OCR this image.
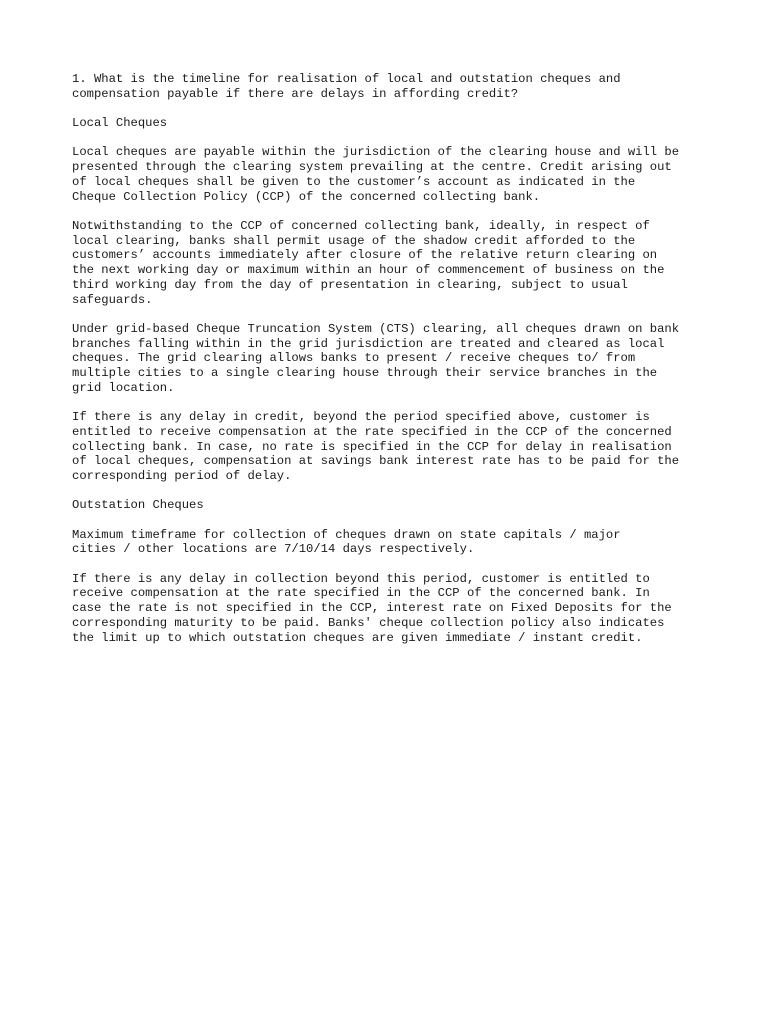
1. What is the timeline for realisation of local and outstation cheques and
compensation payable if there are delays in affording credit?

Local Cheques

Local cheques are payable within the jurisdiction of the clearing house and will be
presented through the clearing system prevailing at the centre. Credit arising out
of local cheques shall be given to the customer’s account as indicated in the
Cheque Collection Policy (CCP) of the concerned collecting bank.

Notwithstanding to the CCP of concerned collecting bank, ideally, in respect of
local clearing, banks shall permit usage of the shadow credit afforded to the
customers’ accounts immediately after closure of the relative return clearing on
the next working day or maximum within an hour of commencement of business on the
third working day from the day of presentation in clearing, subject to usual
safeguards.

Under grid-based Cheque Truncation System (CTS) clearing, all cheques drawn on bank
branches falling within in the grid jurisdiction are treated and cleared as local
cheques. The grid clearing allows banks to present / receive cheques to/ from
multiple cities to a single clearing house through their service branches in the
grid location.

If there is any delay in credit, beyond the period specified above, customer is
entitled to receive compensation at the rate specified in the CCP of the concerned
collecting bank. In case, no rate is specified in the CCP for delay in realisation
of local cheques, compensation at savings bank interest rate has to be paid for the
corresponding period of delay.

Outstation Cheques

Maximum timeframe for collection of cheques drawn on state capitals / major
cities / other locations are 7/10/14 days respectively.

If there is any delay in collection beyond this period, customer is entitled to
receive compensation at the rate specified in the CCP of the concerned bank. In
case the rate is not specified in the CCP, interest rate on Fixed Deposits for the
corresponding maturity to be paid. Banks' cheque collection policy also indicates
the limit up to which outstation cheques are given immediate / instant credit.
